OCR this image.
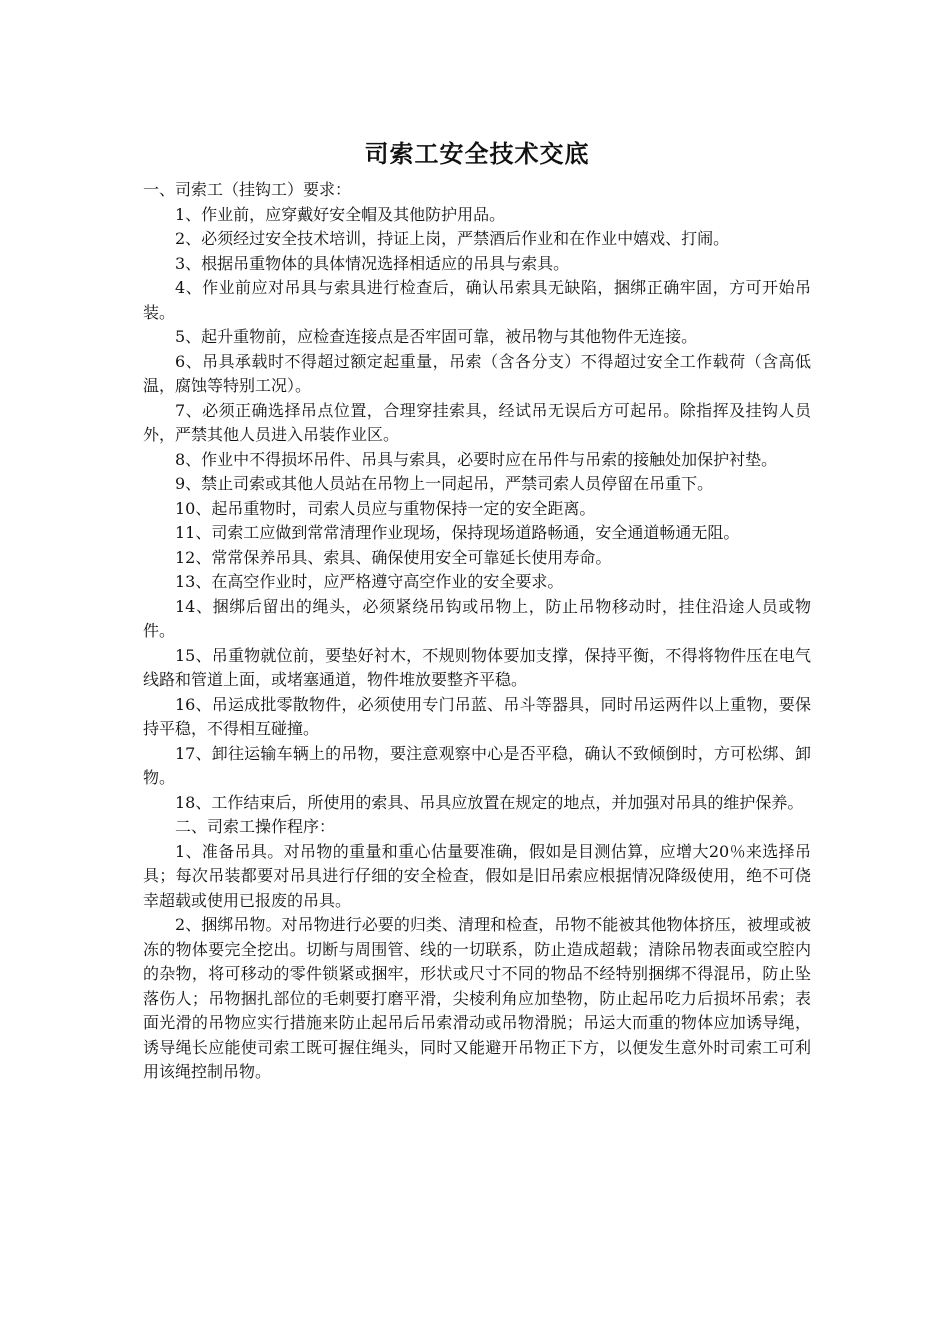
司索工安全技术交底

一、司索工（挂钩工）要求：

1、作业前，应穿戴好安全帽及其他防护用品。

2、必须经过安全技术培训，持证上岗，严禁酒后作业和在作业中嬉戏、打闹。

3、根据吊重物体的具体情况选择相适应的吊具与索具。

4、作业前应对吊具与索具进行检查后，确认吊索具无缺陷，捆绑正确牢固，方可开始吊装。

5、起升重物前，应检查连接点是否牢固可靠，被吊物与其他物件无连接。

6、吊具承载时不得超过额定起重量，吊索（含各分支）不得超过安全工作载荷（含高低温，腐蚀等特别工况）。

7、必须正确选择吊点位置，合理穿挂索具，经试吊无误后方可起吊。除指挥及挂钩人员外，严禁其他人员进入吊装作业区。

8、作业中不得损坏吊件、吊具与索具，必要时应在吊件与吊索的接触处加保护衬垫。

9、禁止司索或其他人员站在吊物上一同起吊，严禁司索人员停留在吊重下。

10、起吊重物时，司索人员应与重物保持一定的安全距离。

11、司索工应做到常常清理作业现场，保持现场道路畅通，安全通道畅通无阻。

12、常常保养吊具、索具、确保使用安全可靠延长使用寿命。

13、在高空作业时，应严格遵守高空作业的安全要求。

14、捆绑后留出的绳头，必须紧绕吊钩或吊物上，防止吊物移动时，挂住沿途人员或物件。

15、吊重物就位前，要垫好衬木，不规则物体要加支撑，保持平衡，不得将物件压在电气线路和管道上面，或堵塞通道，物件堆放要整齐平稳。

16、吊运成批零散物件，必须使用专门吊蓝、吊斗等器具，同时吊运两件以上重物，要保持平稳，不得相互碰撞。

17、卸往运输车辆上的吊物，要注意观察中心是否平稳，确认不致倾倒时，方可松绑、卸物。

18、工作结束后，所使用的索具、吊具应放置在规定的地点，并加强对吊具的维护保养。

二、司索工操作程序：

1、准备吊具。对吊物的重量和重心估量要准确，假如是目测估算，应增大20％来选择吊具；每次吊装都要对吊具进行仔细的安全检查，假如是旧吊索应根据情况降级使用，绝不可侥幸超载或使用已报废的吊具。

2、捆绑吊物。对吊物进行必要的归类、清理和检查，吊物不能被其他物体挤压，被埋或被冻的物体要完全挖出。切断与周围管、线的一切联系，防止造成超载；清除吊物表面或空腔内的杂物，将可移动的零件锁紧或捆牢，形状或尺寸不同的物品不经特别捆绑不得混吊，防止坠落伤人；吊物捆扎部位的毛刺要打磨平滑，尖棱利角应加垫物，防止起吊吃力后损坏吊索；表面光滑的吊物应实行措施来防止起吊后吊索滑动或吊物滑脱；吊运大而重的物体应加诱导绳，诱导绳长应能使司索工既可握住绳头，同时又能避开吊物正下方，以便发生意外时司索工可利用该绳控制吊物。
